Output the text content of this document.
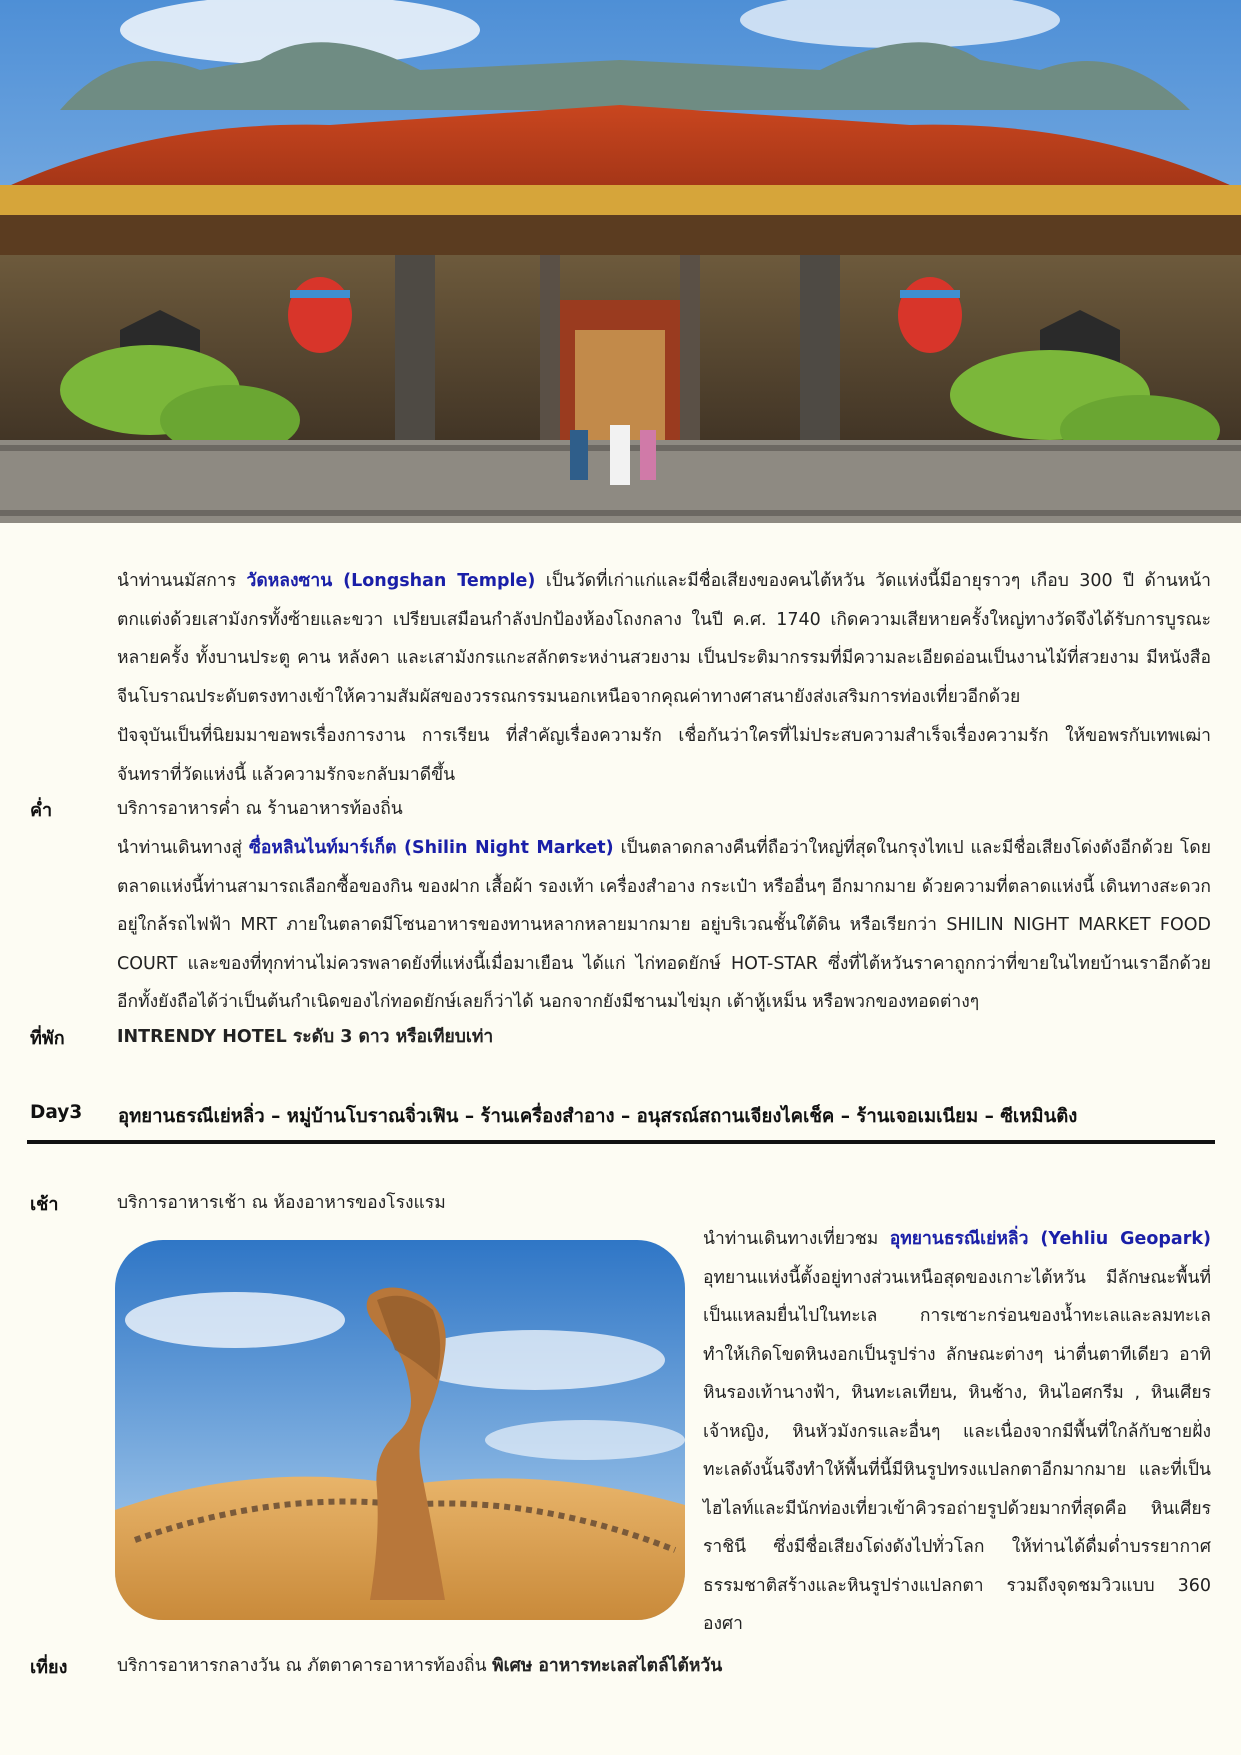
นำท่านนมัสการ วัดหลงซาน (Longshan Temple) เป็นวัดที่เก่าแก่และมีชื่อเสียงของคนไต้หวัน วัดแห่งนี้มีอายุราวๆ เกือบ 300 ปี ด้านหน้าตกแต่งด้วยเสามังกรทั้งซ้ายและขวา เปรียบเสมือนกำลังปกป้องห้องโถงกลาง ในปี ค.ศ. 1740 เกิดความเสียหายครั้งใหญ่ทางวัดจึงได้รับการบูรณะหลายครั้ง ทั้งบานประตู คาน หลังคา และเสามังกรแกะสลักตระหง่านสวยงาม เป็นประติมากรรมที่มีความละเอียดอ่อนเป็นงานไม้ที่สวยงาม มีหนังสือจีนโบราณประดับตรงทางเข้าให้ความสัมผัสของวรรณกรรมนอกเหนือจากคุณค่าทางศาสนายังส่งเสริมการท่องเที่ยวอีกด้วย

ปัจจุบันเป็นที่นิยมมาขอพรเรื่องการงาน การเรียน ที่สำคัญเรื่องความรัก เชื่อกันว่าใครที่ไม่ประสบความสำเร็จเรื่องความรัก ให้ขอพรกับเทพเฒ่าจันทราที่วัดแห่งนี้ แล้วความรักจะกลับมาดีขึ้น

ค่ำ	บริการอาหารค่ำ ณ ร้านอาหารท้องถิ่น

นำท่านเดินทางสู่ ซื่อหลินไนท์มาร์เก็ต (Shilin Night Market) เป็นตลาดกลางคืนที่ถือว่าใหญ่ที่สุดในกรุงไทเป และมีชื่อเสียงโด่งดังอีกด้วย โดยตลาดแห่งนี้ท่านสามารถเลือกซื้อของกิน ของฝาก เสื้อผ้า รองเท้า เครื่องสำอาง กระเป๋า หรืออื่นๆ อีกมากมาย ด้วยความที่ตลาดแห่งนี้ เดินทางสะดวก อยู่ใกล้รถไฟฟ้า MRT ภายในตลาดมีโซนอาหารของทานหลากหลายมากมาย อยู่บริเวณชั้นใต้ดิน หรือเรียกว่า SHILIN NIGHT MARKET FOOD COURT และของที่ทุกท่านไม่ควรพลาดยังที่แห่งนี้เมื่อมาเยือน ได้แก่ ไก่ทอดยักษ์ HOT-STAR ซึ่งที่ไต้หวันราคาถูกกว่าที่ขายในไทยบ้านเราอีกด้วย อีกทั้งยังถือได้ว่าเป็นต้นกำเนิดของไก่ทอดยักษ์เลยก็ว่าได้ นอกจากยังมีชานมไข่มุก เต้าหู้เหม็น หรือพวกของทอดต่างๆ

ที่พัก	INTRENDY HOTEL ระดับ 3 ดาว หรือเทียบเท่า
Day3 อุทยานธรณีเย่หลิ่ว – หมู่บ้านโบราณจิ่วเฟิน – ร้านเครื่องสำอาง – อนุสรณ์สถานเจียงไคเช็ค – ร้านเจอเมเนียม – ซีเหมินติง
เช้า	บริการอาหารเช้า ณ ห้องอาหารของโรงแรม

นำท่านเดินทางเที่ยวชม อุทยานธรณีเย่หลิ่ว (Yehliu Geopark) อุทยานแห่งนี้ตั้งอยู่ทางส่วนเหนือสุดของเกาะไต้หวัน มีลักษณะพื้นที่เป็นแหลมยื่นไปในทะเล การเซาะกร่อนของน้ำทะเลและลมทะเล ทำให้เกิดโขดหินงอกเป็นรูปร่าง ลักษณะต่างๆ น่าตื่นตาทีเดียว อาทิ หินรองเท้านางฟ้า, หินทะเลเทียน, หินช้าง, หินไอศกรีม , หินเศียรเจ้าหญิง, หินหัวมังกรและอื่นๆ และเนื่องจากมีพื้นที่ใกล้กับชายฝั่งทะเลดังนั้นจึงทำให้พื้นที่นี้มีหินรูปทรงแปลกตาอีกมากมาย และที่เป็นไฮไลท์และมีนักท่องเที่ยวเข้าคิวรอถ่ายรูปด้วยมากที่สุดคือ หินเศียรราชินี ซึ่งมีชื่อเสียงโด่งดังไปทั่วโลก ให้ท่านได้ดื่มด่ำบรรยากาศธรรมชาติสร้างและหินรูปร่างแปลกตา รวมถึงจุดชมวิวแบบ 360 องศา

เที่ยง	บริการอาหารกลางวัน ณ ภัตตาคารอาหารท้องถิ่น พิเศษ อาหารทะเลสไตล์ไต้หวัน
